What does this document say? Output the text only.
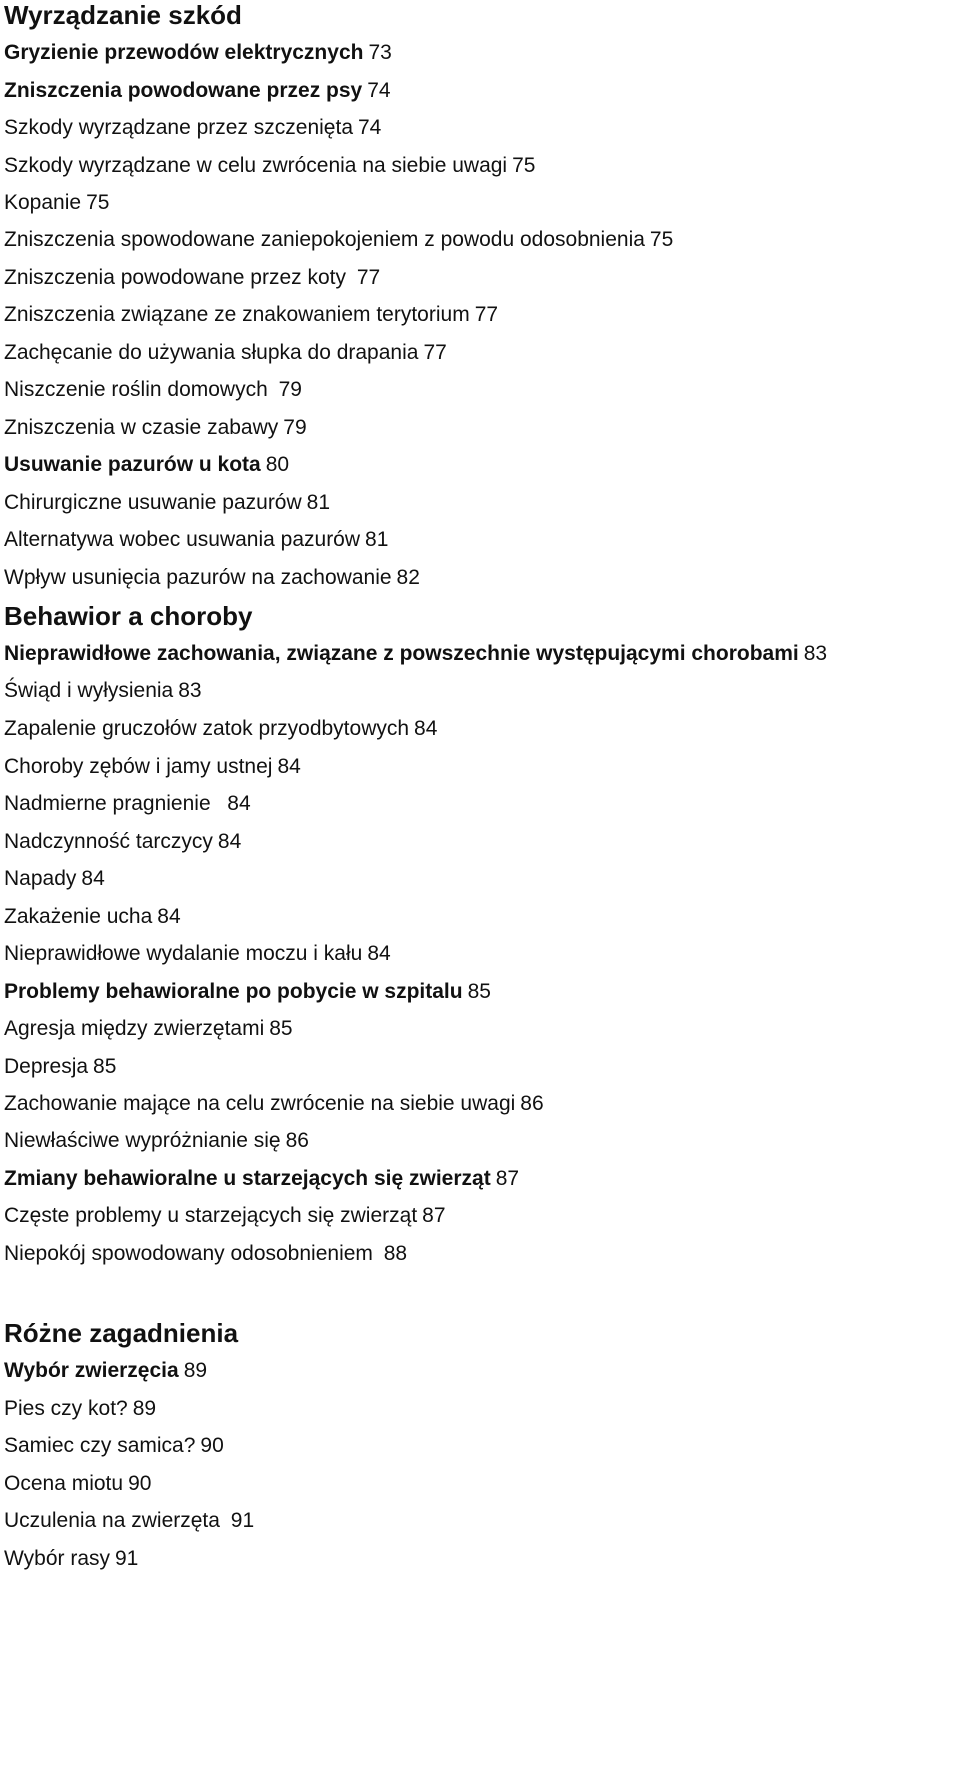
Wyrządzanie szkód
Gryzienie przewodów elektrycznych 73
Zniszczenia powodowane przez psy 74
Szkody wyrządzane przez szczenięta 74
Szkody wyrządzane w celu zwrócenia na siebie uwagi 75
Kopanie 75
Zniszczenia spowodowane zaniepokojeniem z powodu odosobnienia 75
Zniszczenia powodowane przez koty 77
Zniszczenia związane ze znakowaniem terytorium 77
Zachęcanie do używania słupka do drapania 77
Niszczenie roślin domowych 79
Zniszczenia w czasie zabawy 79
Usuwanie pazurów u kota 80
Chirurgiczne usuwanie pazurów 81
Alternatywa wobec usuwania pazurów 81
Wpływ usunięcia pazurów na zachowanie 82
Behawior a choroby
Nieprawidłowe zachowania, związane z powszechnie występującymi chorobami 83
Świąd i wyłysienia 83
Zapalenie gruczołów zatok przyodbytowych 84
Choroby zębów i jamy ustnej 84
Nadmierne pragnienie  84
Nadczynność tarczycy 84
Napady 84
Zakażenie ucha 84
Nieprawidłowe wydalanie moczu i kału 84
Problemy behawioralne po pobycie w szpitalu 85
Agresja między zwierzętami 85
Depresja 85
Zachowanie mające na celu zwrócenie na siebie uwagi 86
Niewłaściwe wypróżnianie się 86
Zmiany behawioralne u starzejących się zwierząt 87
Częste problemy u starzejących się zwierząt 87
Niepokój spowodowany odosobnieniem 88
Różne zagadnienia
Wybór zwierzęcia 89
Pies czy kot? 89
Samiec czy samica? 90
Ocena miotu 90
Uczulenia na zwierzęta 91
Wybór rasy 91
